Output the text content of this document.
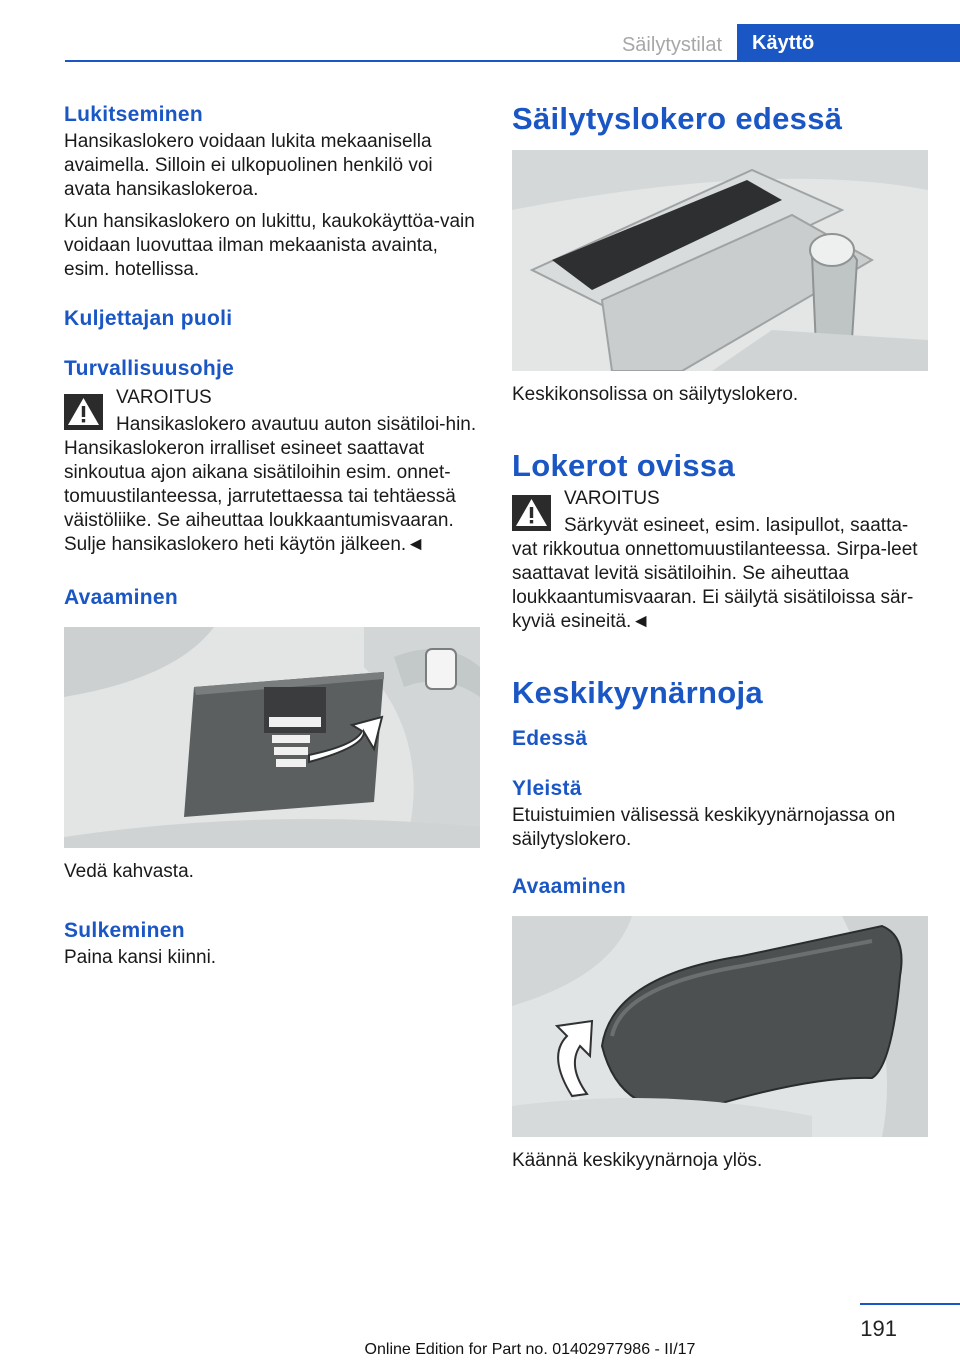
Säilytystilat	Käyttö
Lukitseminen

Hansikaslokero voidaan lukita mekaanisella avaimella. Silloin ei ulkopuolinen henkilö voi avata hansikaslokeroa.

Kun hansikaslokero on lukittu, kaukokäyttöa-vain voidaan luovuttaa ilman mekaanista avainta, esim. hotellissa.

Kuljettajan puoli
Turvallisuusohje
VAROITUS

Hansikaslokero avautuu auton sisätiloi-hin. Hansikaslokeron irralliset esineet saattavat sinkoutua ajon aikana sisätiloihin esim. onnet-tomuustilanteessa, jarrutettaessa tai tehtäessä väistöliike. Se aiheuttaa loukkaantumisvaaran. Sulje hansikaslokero heti käytön jälkeen.◄

Avaaminen

Vedä kahvasta.

Sulkeminen

Paina kansi kiinni.

Säilytyslokero edessä

Keskikonsolissa on säilytyslokero.

Lokerot ovissa
VAROITUS

Särkyvät esineet, esim. lasipullot, saatta-vat rikkoutua onnettomuustilanteessa. Sirpa-leet saattavat levitä sisätiloihin. Se aiheuttaa loukkaantumisvaaran. Ei säilytä sisätiloissa sär-kyviä esineitä.◄

Keskikyynärnoja
Edessä
Yleistä

Etuistuimien välisessä keskikyynärnojassa on säilytyslokero.

Avaaminen

Käännä keskikyynärnoja ylös.

191
Online Edition for Part no. 01402977986 - II/17
